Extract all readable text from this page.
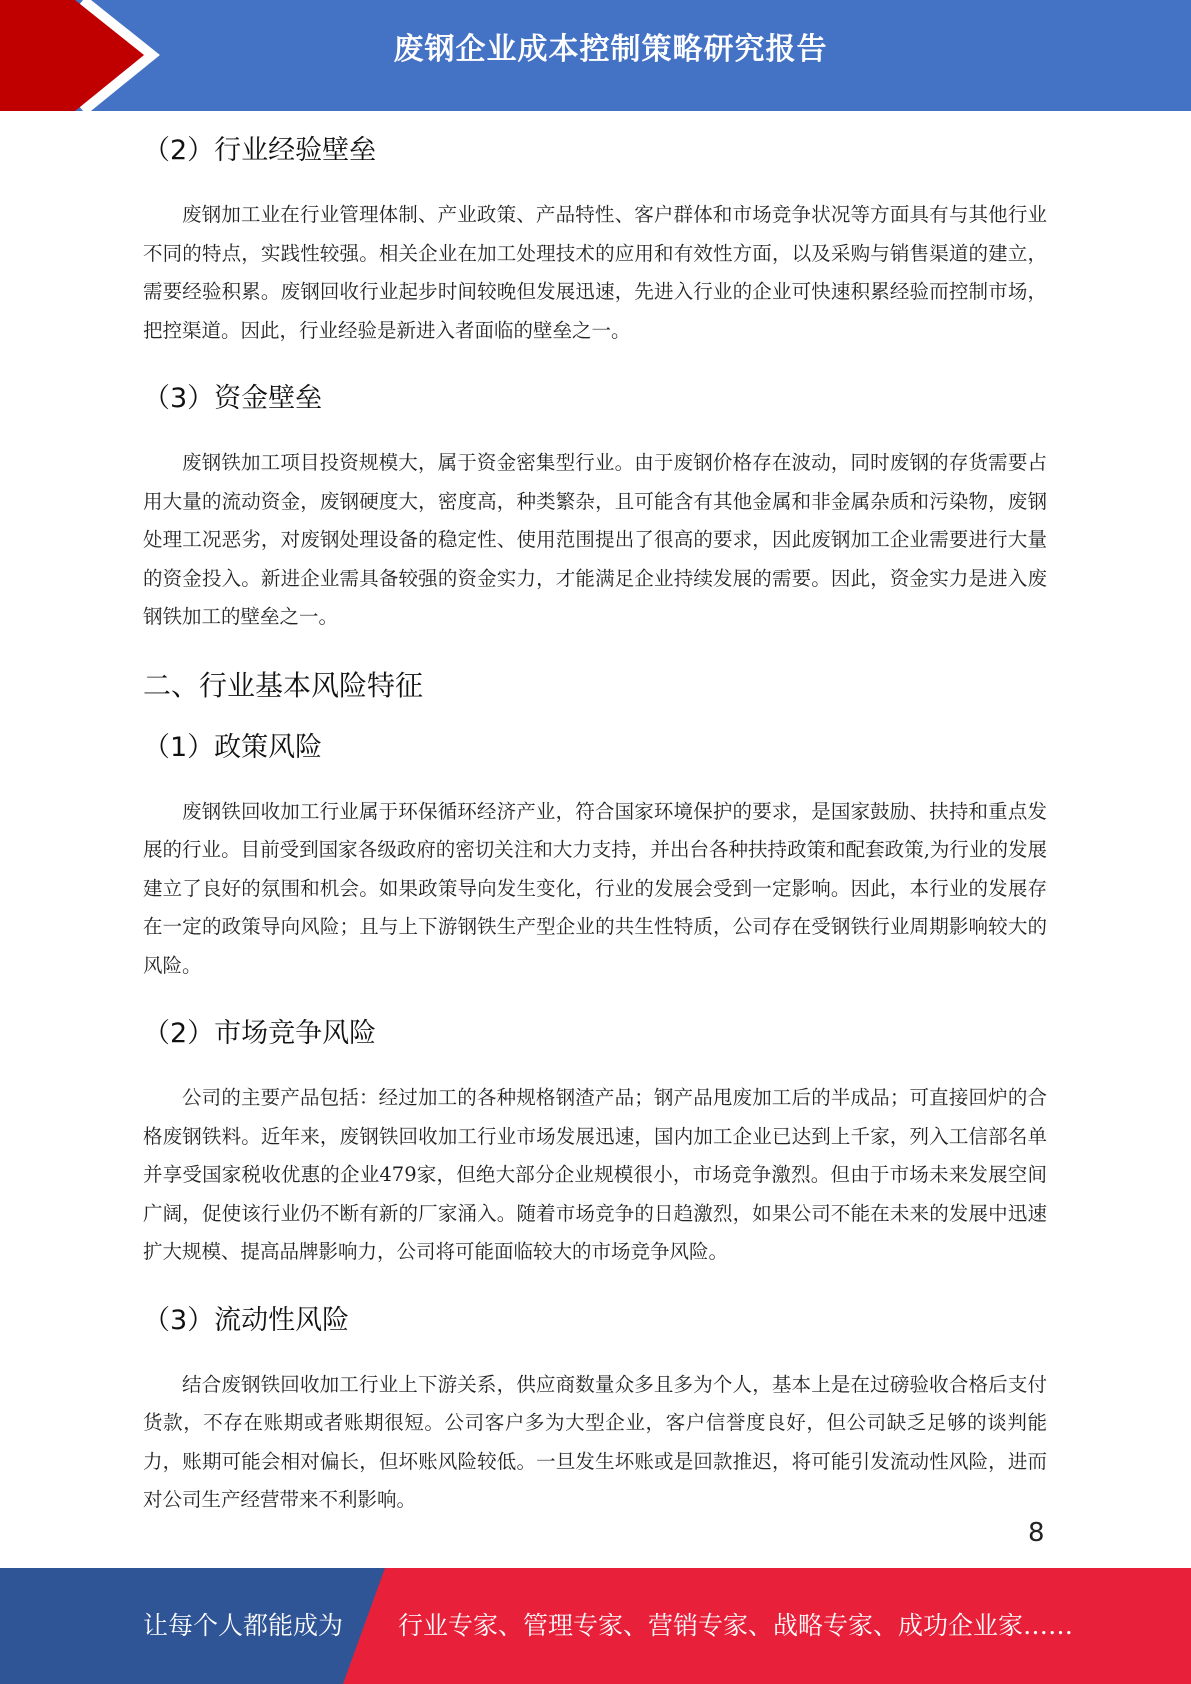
废钢企业成本控制策略研究报告
（2）行业经验壁垒

废钢加工业在行业管理体制、产业政策、产品特性、客户群体和市场竞争状况等方面具有与其他行业不同的特点，实践性较强。相关企业在加工处理技术的应用和有效性方面，以及采购与销售渠道的建立，需要经验积累。废钢回收行业起步时间较晚但发展迅速，先进入行业的企业可快速积累经验而控制市场，把控渠道。因此，行业经验是新进入者面临的壁垒之一。

（3）资金壁垒

废钢铁加工项目投资规模大，属于资金密集型行业。由于废钢价格存在波动，同时废钢的存货需要占用大量的流动资金，废钢硬度大，密度高，种类繁杂，且可能含有其他金属和非金属杂质和污染物，废钢处理工况恶劣，对废钢处理设备的稳定性、使用范围提出了很高的要求，因此废钢加工企业需要进行大量的资金投入。新进企业需具备较强的资金实力，才能满足企业持续发展的需要。因此，资金实力是进入废钢铁加工的壁垒之一。

二、行业基本风险特征
（1）政策风险

废钢铁回收加工行业属于环保循环经济产业，符合国家环境保护的要求，是国家鼓励、扶持和重点发展的行业。目前受到国家各级政府的密切关注和大力支持，并出台各种扶持政策和配套政策,为行业的发展建立了良好的氛围和机会。如果政策导向发生变化，行业的发展会受到一定影响。因此，本行业的发展存在一定的政策导向风险；且与上下游钢铁生产型企业的共生性特质，公司存在受钢铁行业周期影响较大的风险。

（2）市场竞争风险

公司的主要产品包括：经过加工的各种规格钢渣产品；钢产品甩废加工后的半成品；可直接回炉的合格废钢铁料。近年来，废钢铁回收加工行业市场发展迅速，国内加工企业已达到上千家，列入工信部名单并享受国家税收优惠的企业479家，但绝大部分企业规模很小，市场竞争激烈。但由于市场未来发展空间广阔，促使该行业仍不断有新的厂家涌入。随着市场竞争的日趋激烈，如果公司不能在未来的发展中迅速扩大规模、提高品牌影响力，公司将可能面临较大的市场竞争风险。

（3）流动性风险

结合废钢铁回收加工行业上下游关系，供应商数量众多且多为个人，基本上是在过磅验收合格后支付货款，不存在账期或者账期很短。公司客户多为大型企业，客户信誉度良好，但公司缺乏足够的谈判能力，账期可能会相对偏长，但坏账风险较低。一旦发生坏账或是回款推迟，将可能引发流动性风险，进而对公司生产经营带来不利影响。

8
让每个人都能成为 行业专家、管理专家、营销专家、战略专家、成功企业家……
